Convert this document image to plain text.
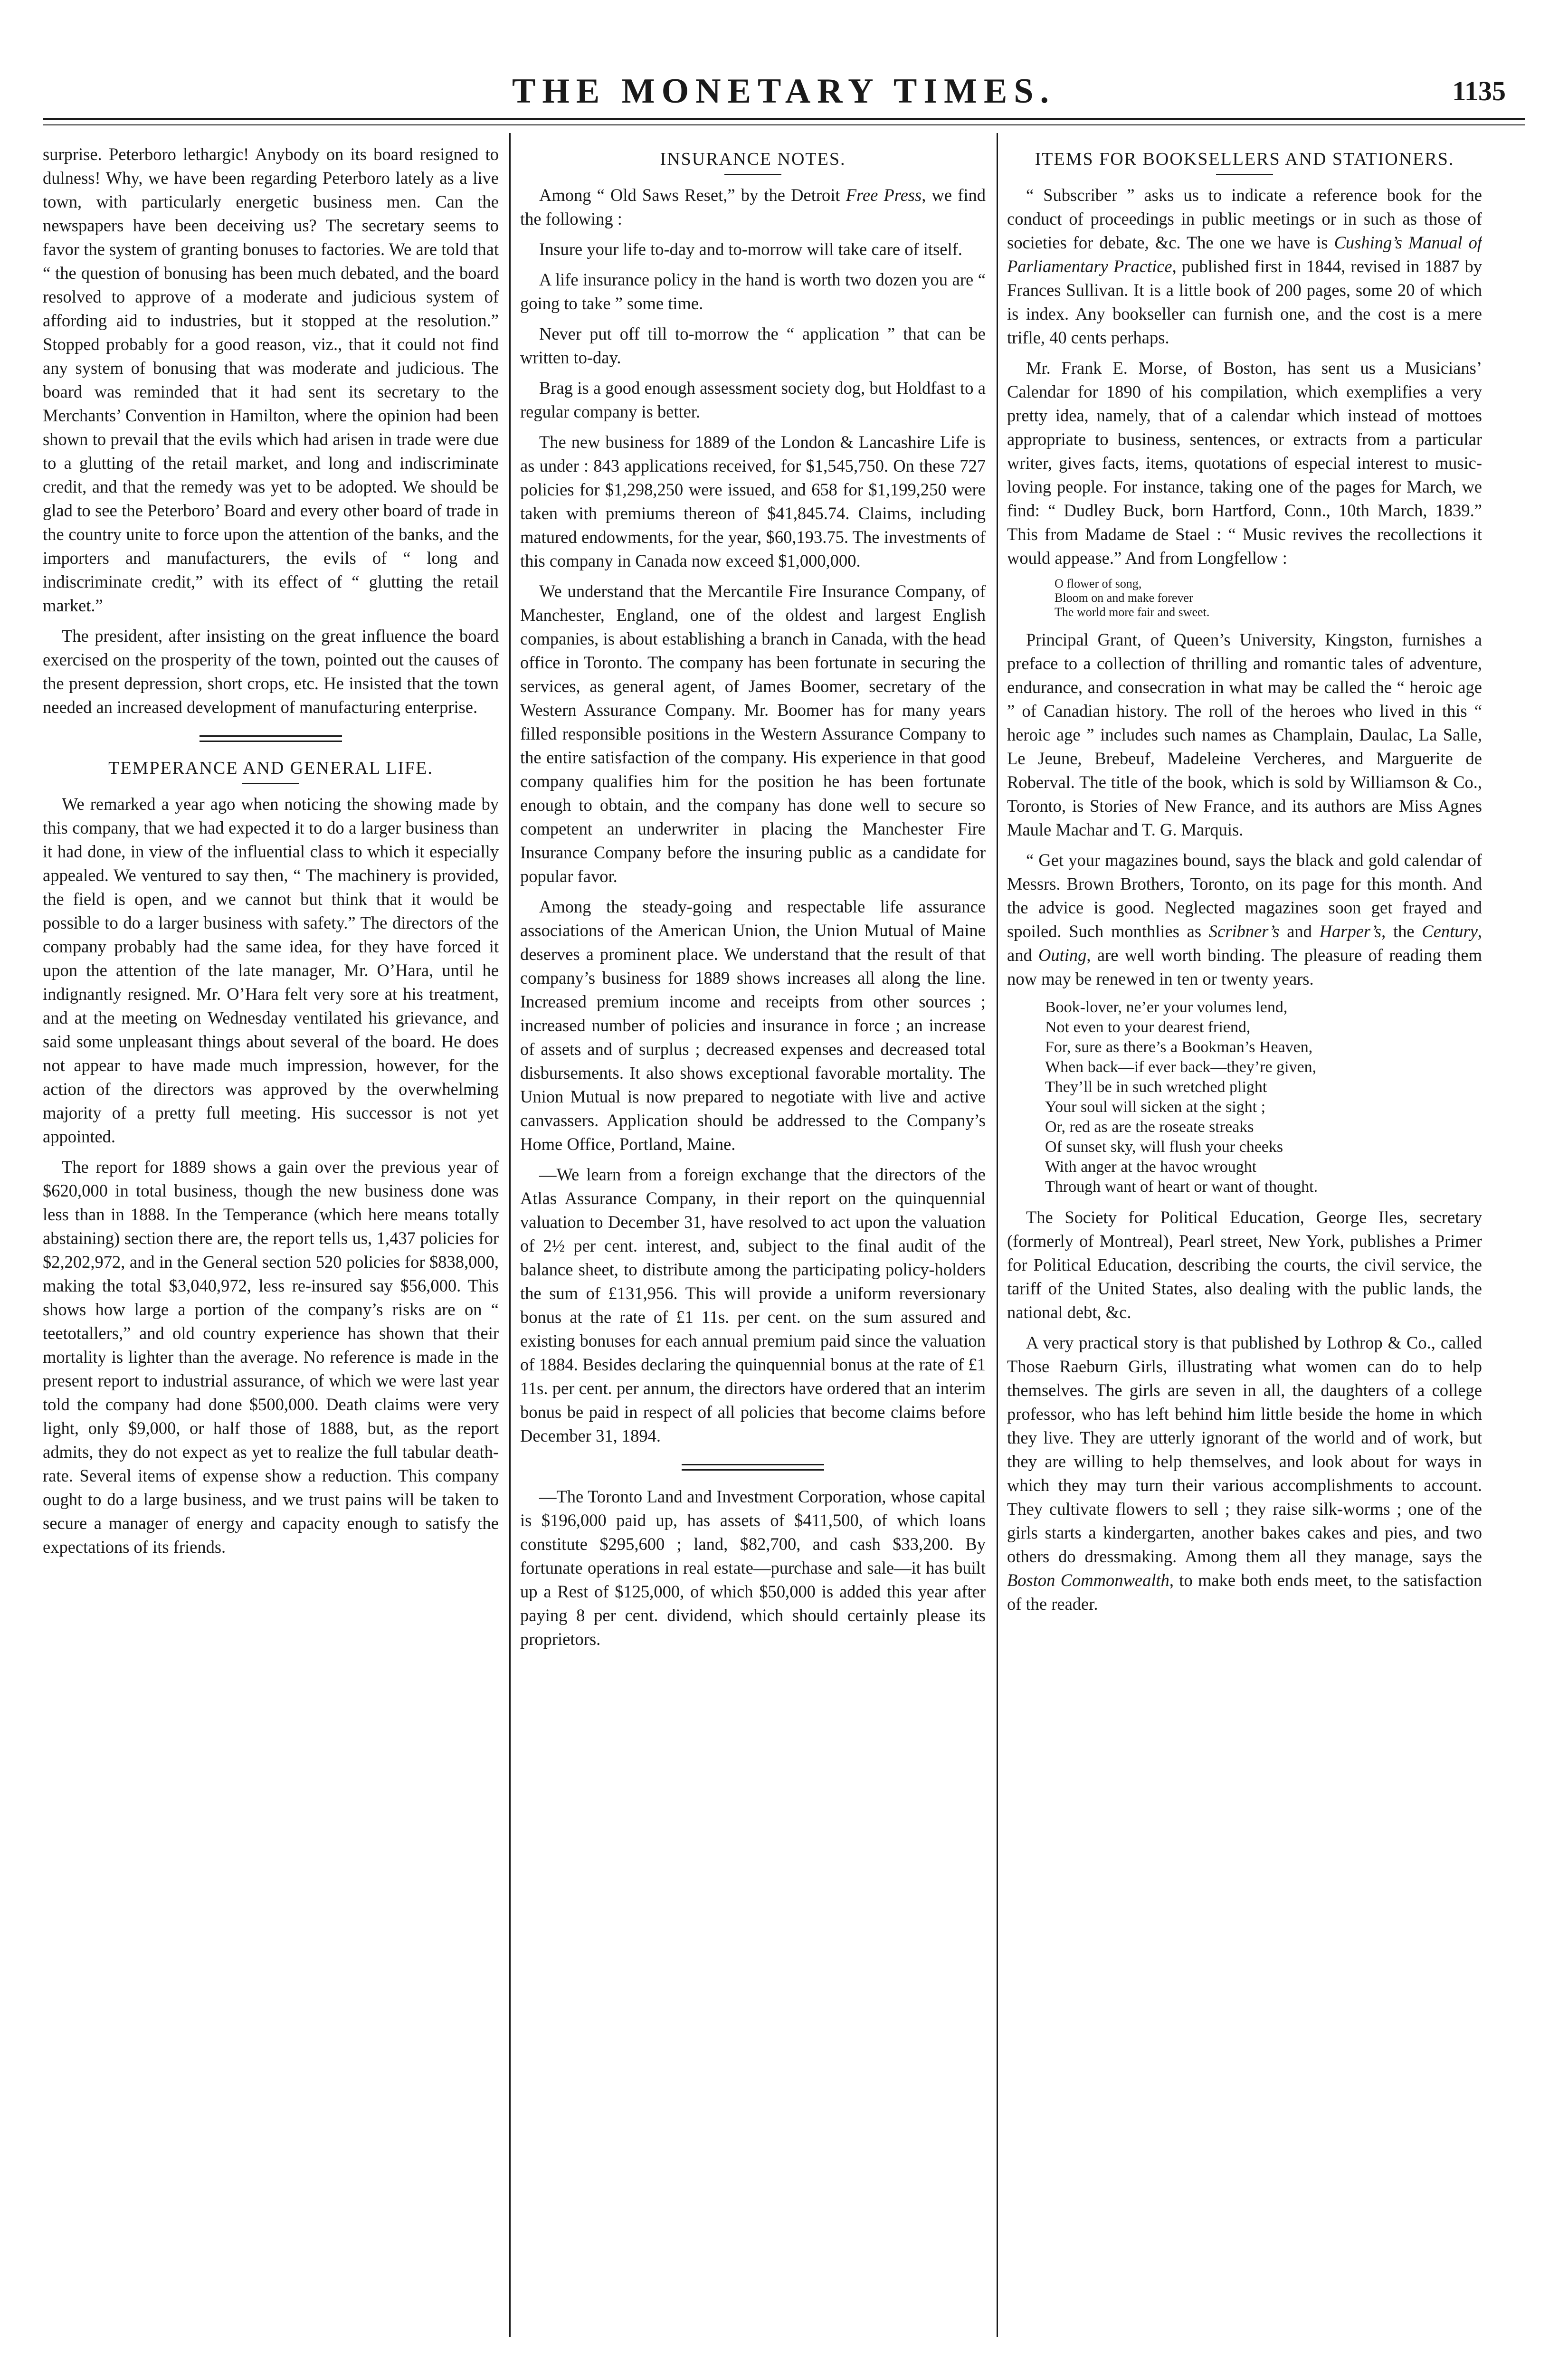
THE MONETARY TIMES.	1135

surprise. Peterboro lethargic! Anybody on its board resigned to dulness! Why, we have been regarding Peterboro lately as a live town, with particularly energetic business men. Can the newspapers have been deceiving us? The secretary seems to favor the system of granting bonuses to factories. We are told that “ the question of bonusing has been much debated, and the board resolved to approve of a moderate and judicious system of affording aid to industries, but it stopped at the resolution.” Stopped probably for a good reason, viz., that it could not find any system of bonusing that was moderate and judicious. The board was reminded that it had sent its secretary to the Merchants’ Convention in Hamilton, where the opinion had been shown to prevail that the evils which had arisen in trade were due to a glutting of the retail market, and long and indiscriminate credit, and that the remedy was yet to be adopted. We should be glad to see the Peterboro’ Board and every other board of trade in the country unite to force upon the attention of the banks, and the importers and manufacturers, the evils of “ long and indiscriminate credit,” with its effect of “ glutting the retail market.”

The president, after insisting on the great influence the board exercised on the prosperity of the town, pointed out the causes of the present depression, short crops, etc. He insisted that the town needed an increased development of manufacturing enterprise.

TEMPERANCE AND GENERAL LIFE.

We remarked a year ago when noticing the showing made by this company, that we had expected it to do a larger business than it had done, in view of the influential class to which it especially appealed. We ventured to say then, “ The machinery is provided, the field is open, and we cannot but think that it would be possible to do a larger business with safety.” The directors of the company probably had the same idea, for they have forced it upon the attention of the late manager, Mr. O’Hara, until he indignantly resigned. Mr. O’Hara felt very sore at his treatment, and at the meeting on Wednesday ventilated his grievance, and said some unpleasant things about several of the board. He does not appear to have made much impression, however, for the action of the directors was approved by the overwhelming majority of a pretty full meeting. His successor is not yet appointed.

The report for 1889 shows a gain over the previous year of $620,000 in total business, though the new business done was less than in 1888. In the Temperance (which here means totally abstaining) section there are, the report tells us, 1,437 policies for $2,202,972, and in the General section 520 policies for $838,000, making the total $3,040,972, less re-insured say $56,000. This shows how large a portion of the company’s risks are on “ teetotallers,” and old country experience has shown that their mortality is lighter than the average. No reference is made in the present report to industrial assurance, of which we were last year told the company had done $500,000. Death claims were very light, only $9,000, or half those of 1888, but, as the report admits, they do not expect as yet to realize the full tabular death-rate. Several items of expense show a reduction. This company ought to do a large business, and we trust pains will be taken to secure a manager of energy and capacity enough to satisfy the expectations of its friends.

INSURANCE NOTES.

Among “ Old Saws Reset,” by the Detroit Free Press, we find the following :

Insure your life to-day and to-morrow will take care of itself.

A life insurance policy in the hand is worth two dozen you are “ going to take ” some time.

Never put off till to-morrow the “ application ” that can be written to-day.

Brag is a good enough assessment society dog, but Holdfast to a regular company is better.

The new business for 1889 of the London & Lancashire Life is as under : 843 applications received, for $1,545,750. On these 727 policies for $1,298,250 were issued, and 658 for $1,199,250 were taken with premiums thereon of $41,845.74. Claims, including matured endowments, for the year, $60,193.75. The investments of this company in Canada now exceed $1,000,000.

We understand that the Mercantile Fire Insurance Company, of Manchester, England, one of the oldest and largest English companies, is about establishing a branch in Canada, with the head office in Toronto. The company has been fortunate in securing the services, as general agent, of James Boomer, secretary of the Western Assurance Company. Mr. Boomer has for many years filled responsible positions in the Western Assurance Company to the entire satisfaction of the company. His experience in that good company qualifies him for the position he has been fortunate enough to obtain, and the company has done well to secure so competent an underwriter in placing the Manchester Fire Insurance Company before the insuring public as a candidate for popular favor.

Among the steady-going and respectable life assurance associations of the American Union, the Union Mutual of Maine deserves a prominent place. We understand that the result of that company’s business for 1889 shows increases all along the line. Increased premium income and receipts from other sources ; increased number of policies and insurance in force ; an increase of assets and of surplus ; decreased expenses and decreased total disbursements. It also shows exceptional favorable mortality. The Union Mutual is now prepared to negotiate with live and active canvassers. Application should be addressed to the Company’s Home Office, Portland, Maine.

—We learn from a foreign exchange that the directors of the Atlas Assurance Company, in their report on the quinquennial valuation to December 31, have resolved to act upon the valuation of 2½ per cent. interest, and, subject to the final audit of the balance sheet, to distribute among the participating policy-holders the sum of £131,956. This will provide a uniform reversionary bonus at the rate of £1 11s. per cent. on the sum assured and existing bonuses for each annual premium paid since the valuation of 1884. Besides declaring the quinquennial bonus at the rate of £1 11s. per cent. per annum, the directors have ordered that an interim bonus be paid in respect of all policies that become claims before December 31, 1894.

—The Toronto Land and Investment Corporation, whose capital is $196,000 paid up, has assets of $411,500, of which loans constitute $295,600 ; land, $82,700, and cash $33,200. By fortunate operations in real estate—purchase and sale—it has built up a Rest of $125,000, of which $50,000 is added this year after paying 8 per cent. dividend, which should certainly please its proprietors.

ITEMS FOR BOOKSELLERS AND STATIONERS.

“ Subscriber ” asks us to indicate a reference book for the conduct of proceedings in public meetings or in such as those of societies for debate, &c. The one we have is Cushing’s Manual of Parliamentary Practice, published first in 1844, revised in 1887 by Frances Sullivan. It is a little book of 200 pages, some 20 of which is index. Any bookseller can furnish one, and the cost is a mere trifle, 40 cents perhaps.

Mr. Frank E. Morse, of Boston, has sent us a Musicians’ Calendar for 1890 of his compilation, which exemplifies a very pretty idea, namely, that of a calendar which instead of mottoes appropriate to business, sentences, or extracts from a particular writer, gives facts, items, quotations of especial interest to music-loving people. For instance, taking one of the pages for March, we find: “ Dudley Buck, born Hartford, Conn., 10th March, 1839.” This from Madame de Stael : “ Music revives the recollections it would appease.” And from Longfellow :

O flower of song,
Bloom on and make forever
The world more fair and sweet.

Principal Grant, of Queen’s University, Kingston, furnishes a preface to a collection of thrilling and romantic tales of adventure, endurance, and consecration in what may be called the “ heroic age ” of Canadian history. The roll of the heroes who lived in this “ heroic age ” includes such names as Champlain, Daulac, La Salle, Le Jeune, Brebeuf, Madeleine Vercheres, and Marguerite de Roberval. The title of the book, which is sold by Williamson & Co., Toronto, is Stories of New France, and its authors are Miss Agnes Maule Machar and T. G. Marquis.

“ Get your magazines bound, says the black and gold calendar of Messrs. Brown Brothers, Toronto, on its page for this month. And the advice is good. Neglected magazines soon get frayed and spoiled. Such monthlies as Scribner’s and Harper’s, the Century, and Outing, are well worth binding. The pleasure of reading them now may be renewed in ten or twenty years.

Book-lover, ne’er your volumes lend,
Not even to your dearest friend,
For, sure as there’s a Bookman’s Heaven,
When back—if ever back—they’re given,
They’ll be in such wretched plight
Your soul will sicken at the sight ;
Or, red as are the roseate streaks
Of sunset sky, will flush your cheeks
With anger at the havoc wrought
Through want of heart or want of thought.

The Society for Political Education, George Iles, secretary (formerly of Montreal), Pearl street, New York, publishes a Primer for Political Education, describing the courts, the civil service, the tariff of the United States, also dealing with the public lands, the national debt, &c.

A very practical story is that published by Lothrop & Co., called Those Raeburn Girls, illustrating what women can do to help themselves. The girls are seven in all, the daughters of a college professor, who has left behind him little beside the home in which they live. They are utterly ignorant of the world and of work, but they are willing to help themselves, and look about for ways in which they may turn their various accomplishments to account. They cultivate flowers to sell ; they raise silk-worms ; one of the girls starts a kindergarten, another bakes cakes and pies, and two others do dressmaking. Among them all they manage, says the Boston Commonwealth, to make both ends meet, to the satisfaction of the reader.
